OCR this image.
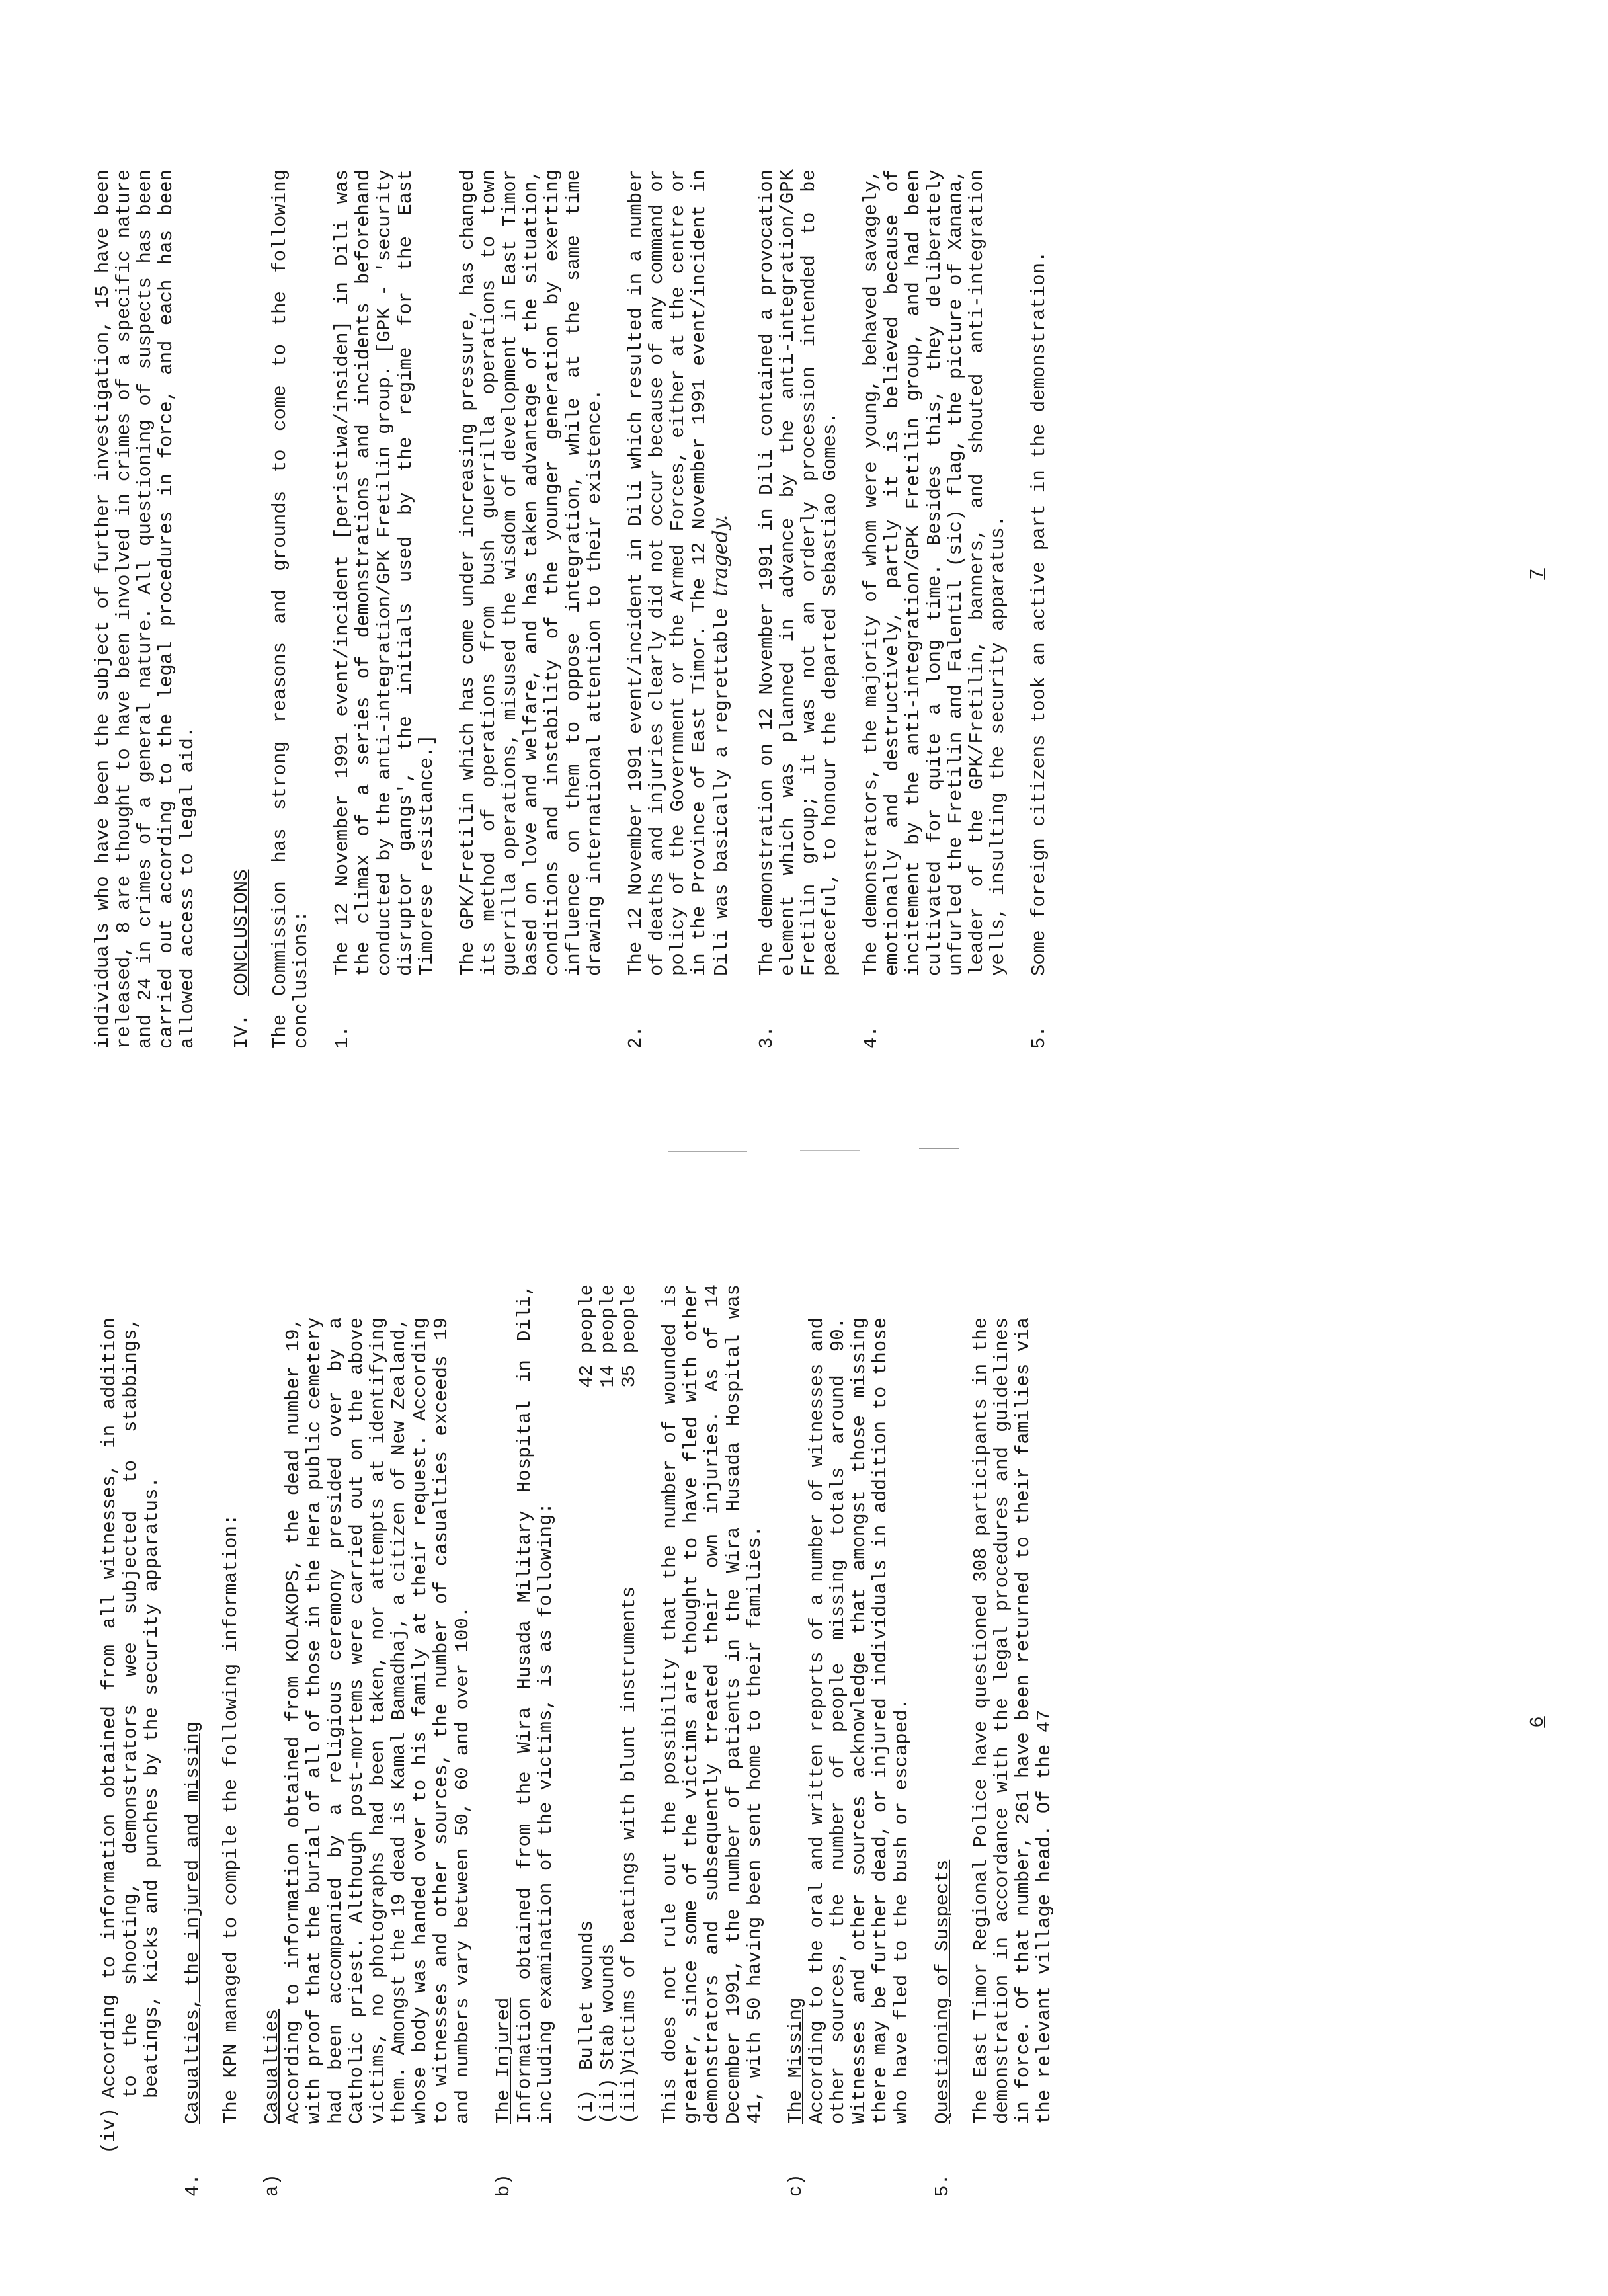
(iv)
According to information obtained from all witnesses, in addition to the shooting, demonstrators wee subjected to stabbings, beatings, kicks and punches by the security apparatus.
4.
Casualties, the injured and missing The KPN managed to compile the following information:

a)
Casualties According to information obtained from KOLAKOPS, the dead number 19, with proof that the burial of all of those in the Hera public cemetery had been accompanied by a religious ceremony presided over by a Catholic priest. Although post-mortems were carried out on the above victims, no photographs had been taken, nor attempts at identifying them. Amongst the 19 dead is Kamal Bamadhaj, a citizen of New Zealand, whose body was handed over to his family at their request. According to witnesses and other sources, the number of casualties exceeds 19 and numbers vary between 50, 60 and over 100.

b)
The Injured Information obtained from the Wira Husada Military Hospital in Dili, including examination of the victims, is as following: (i)
Bullet wounds
42 people
(ii)
Stab wounds
14 people
(iii)
Victims of beatings with blunt instruments
35 people This does not rule out the possibility that the number of wounded is greater, since some of the victims are thought to have fled with other demonstrators and subsequently treated their own injuries. As of 14 December 1991, the number of patients in the Wira Husada Hospital was 41, with 50 having been sent home to their families.

c)
The Missing According to the oral and written reports of a number of witnesses and other sources, the number of people missing totals around 90. Witnesses and other sources acknowledge that amongst those missing there may be further dead, or injured individuals in addition to those who have fled to the bush or escaped.

5.
Questioning of Suspects The East Timor Regional Police have questioned 308 participants in the demonstration in accordance with the legal procedures and guidelines in force. Of that number, 261 have been returned to their families via the relevant village head. Of the 47	6

individuals who have been the subject of further investigation, 15 have been released, 8 are thought to have been involved in crimes of a specific nature and 24 in crimes of a general nature. All questioning of suspects has been carried out according to the legal procedures in force, and each has been allowed access to legal aid. IV.
CONCLUSIONS The Commission has strong reasons and grounds to come to the following conclusions: 1.

The 12 November 1991 event/incident [peristiwa/insiden] in Dili was the climax of a series of demonstrations and incidents beforehand conducted by the anti-integration/GPK Fretilin group. [GPK - 'security disruptor gangs', the initials used by the regime for the East Timorese resistance.] The GPK/Fretilin which has come under increasing pressure, has changed its method of operations from bush guerrilla operations to town guerrilla operations, misused the wisdom of development in East Timor based on love and welfare, and has taken advantage of the situation, conditions and instability of the younger generation by exerting influence on them to oppose integration, while at the same time drawing international attention to their existence.

2.

The 12 November 1991 event/incident in Dili which resulted in a number of deaths and injuries clearly did not occur because of any command or policy of the Government or the Armed Forces, either at the centre or in the Province of East Timor. The 12 November 1991 event/incident in Dili was basically a regrettable tragedy.

3.

The demonstration on 12 November 1991 in Dili contained a provocation element which was planned in advance by the anti-integration/GPK Fretilin group; it was not an orderly procession intended to be peaceful, to honour the departed Sebastiao Gomes.

4.

The demonstrators, the majority of whom were young, behaved savagely, emotionally and destructively, partly it is believed because of incitement by the anti-integration/GPK Fretilin group, and had been cultivated for quite a long time. Besides this, they deliberately unfurled the Fretilin and Falentil (sic) flag, the picture of Xanana, leader of the GPK/Fretilin, banners, and shouted anti-integration yells, insulting the security apparatus.

5.

Some foreign citizens took an active part in the demonstration.	7
